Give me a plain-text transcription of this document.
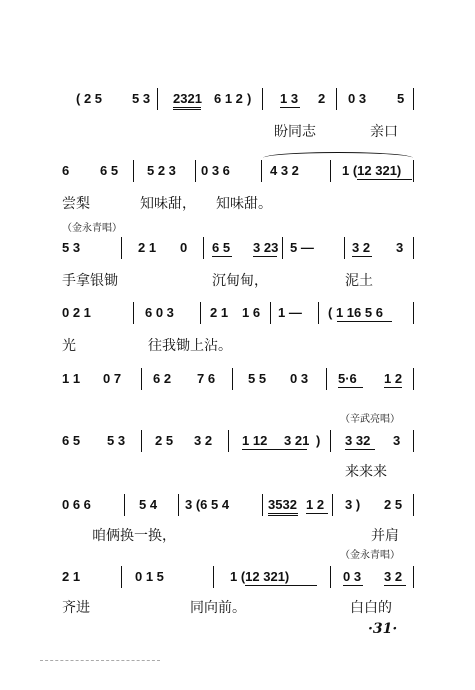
( 2 5 5 3 2321 6 1 2 ) 1 3 2 0 3 5
盼同志	亲口
6 6 5 5 2 3 0 3 6	4 3 2	1 (12 321)
尝梨	知味甜， 知味甜。
（金永青唱）
5 3	2 1 0 6 5 3 23 5 —	3 2 3
手拿银锄	沉甸甸，	泥土
0 2 1	6 0 3	2 1 1 6 1 — ( 1 16 5 6
光	往我锄上沾。
1 1 0 7 6 2 7 6	5 5 0 3 5·6 1 2
（辛武亮唱）
6 5 5 3 2 5 3 2 1 12 3 21 ) 3 32 3
来来来
0 6 6	5 4 3 (6 5 4	3532 1 2 3 ) 2 5
咱俩换一换，	并肩
（金永青唱）
2 1	0 1 5	1 (12 321)	0 3 3 2
齐进	同向前。	白白的
·31·
